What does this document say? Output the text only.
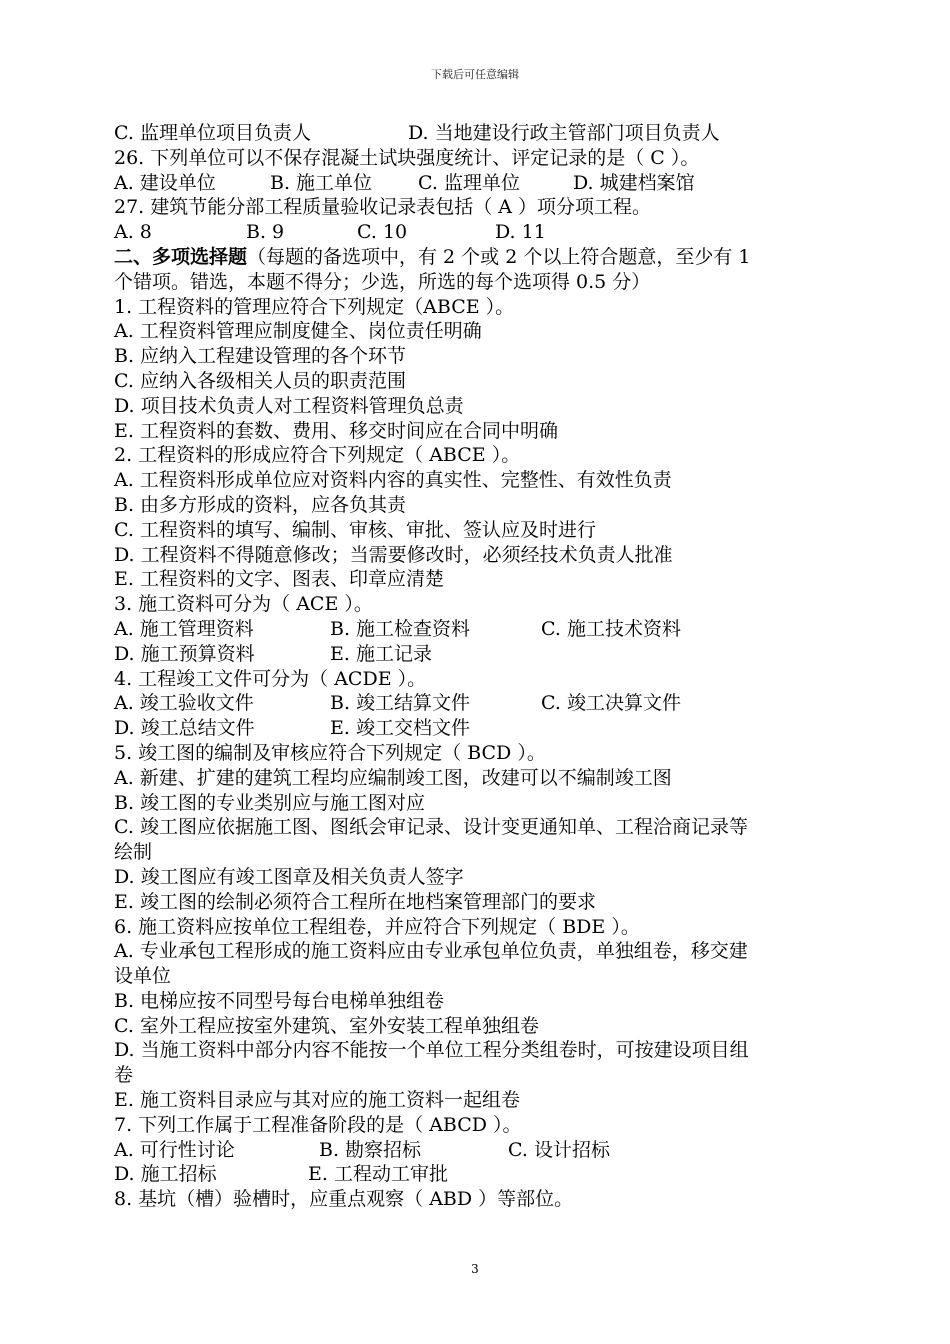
下载后可任意编辑
C. 监理单位项目负责人	D. 当地建设行政主管部门项目负责人
26. 下列单位可以不保存混凝土试块强度统计、评定记录的是（ C ）。
A. 建设单位	B. 施工单位	C. 监理单位	D. 城建档案馆
27. 建筑节能分部工程质量验收记录表包括（ A ）项分项工程。
A. 8	B. 9	C. 10	D. 11
二、多项选择题（每题的备选项中，有 2 个或 2 个以上符合题意，至少有 1
个错项。错选，本题不得分；少选，所选的每个选项得 0.5 分）
1. 工程资料的管理应符合下列规定（ABCE ）。
A. 工程资料管理应制度健全、岗位责任明确
B. 应纳入工程建设管理的各个环节
C. 应纳入各级相关人员的职责范围
D. 项目技术负责人对工程资料管理负总责
E. 工程资料的套数、费用、移交时间应在合同中明确
2. 工程资料的形成应符合下列规定（ ABCE ）。
A. 工程资料形成单位应对资料内容的真实性、完整性、有效性负责
B. 由多方形成的资料，应各负其责
C. 工程资料的填写、编制、审核、审批、签认应及时进行
D. 工程资料不得随意修改；当需要修改时，必须经技术负责人批准
E. 工程资料的文字、图表、印章应清楚
3. 施工资料可分为（ ACE ）。
A. 施工管理资料	B. 施工检查资料	C. 施工技术资料
D. 施工预算资料	E. 施工记录
4. 工程竣工文件可分为（ ACDE ）。
A. 竣工验收文件	B. 竣工结算文件	C. 竣工决算文件
D. 竣工总结文件	E. 竣工交档文件
5. 竣工图的编制及审核应符合下列规定（ BCD ）。
A. 新建、扩建的建筑工程均应编制竣工图，改建可以不编制竣工图
B. 竣工图的专业类别应与施工图对应
C. 竣工图应依据施工图、图纸会审记录、设计变更通知单、工程洽商记录等
绘制
D. 竣工图应有竣工图章及相关负责人签字
E. 竣工图的绘制必须符合工程所在地档案管理部门的要求
6. 施工资料应按单位工程组卷，并应符合下列规定（ BDE ）。
A. 专业承包工程形成的施工资料应由专业承包单位负责，单独组卷，移交建
设单位
B. 电梯应按不同型号每台电梯单独组卷
C. 室外工程应按室外建筑、室外安装工程单独组卷
D. 当施工资料中部分内容不能按一个单位工程分类组卷时，可按建设项目组
卷
E. 施工资料目录应与其对应的施工资料一起组卷
7. 下列工作属于工程准备阶段的是（ ABCD ）。
A. 可行性讨论	B. 勘察招标	C. 设计招标
D. 施工招标	E. 工程动工审批
8. 基坑（槽）验槽时，应重点观察（ ABD ）等部位。
3
